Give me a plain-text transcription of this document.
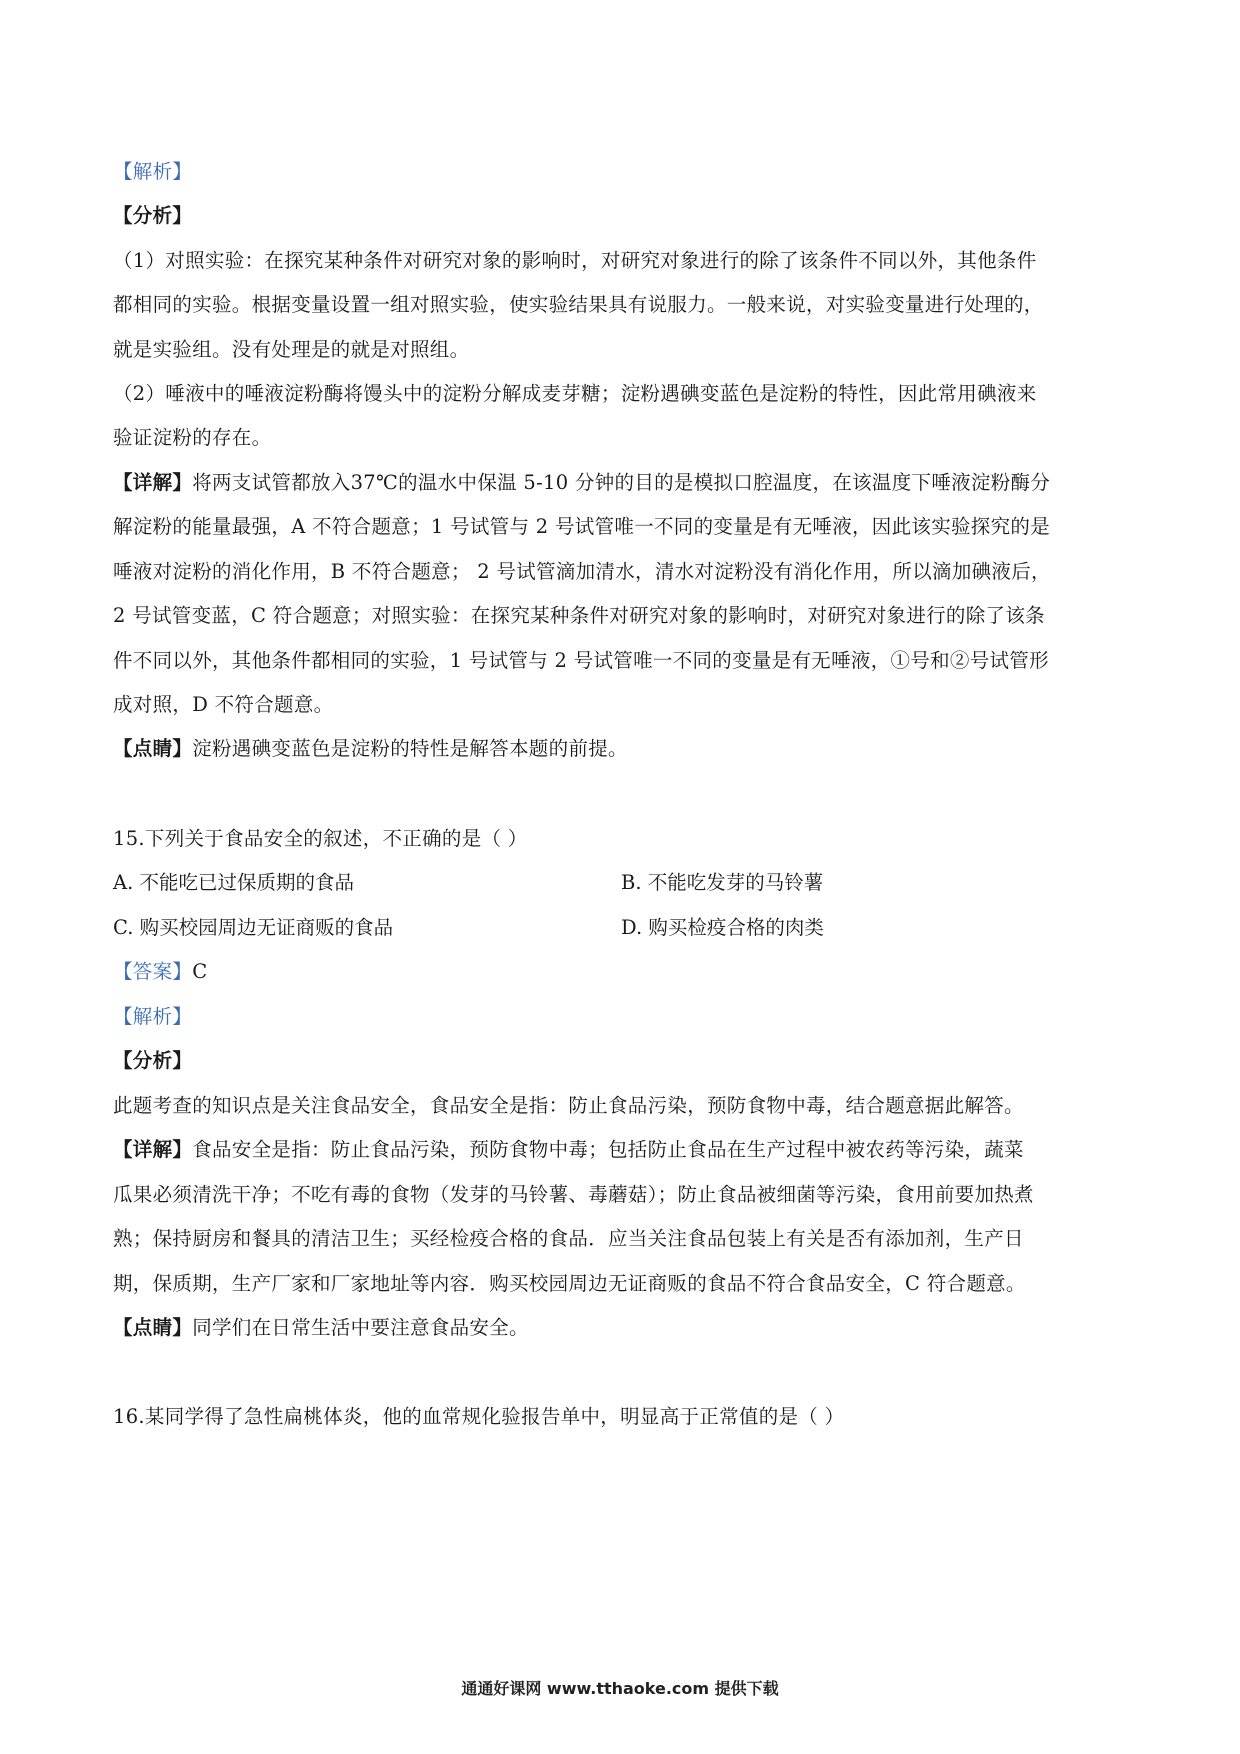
【解析】
【分析】
（1）对照实验：在探究某种条件对研究对象的影响时，对研究对象进行的除了该条件不同以外，其他条件
都相同的实验。根据变量设置一组对照实验，使实验结果具有说服力。一般来说，对实验变量进行处理的，
就是实验组。没有处理是的就是对照组。
（2）唾液中的唾液淀粉酶将馒头中的淀粉分解成麦芽糖；淀粉遇碘变蓝色是淀粉的特性，因此常用碘液来
验证淀粉的存在。
【详解】将两支试管都放入37℃的温水中保温 5-10 分钟的目的是模拟口腔温度，在该温度下唾液淀粉酶分
解淀粉的能量最强，A 不符合题意；1 号试管与 2 号试管唯一不同的变量是有无唾液，因此该实验探究的是
唾液对淀粉的消化作用，B 不符合题意； 2 号试管滴加清水，清水对淀粉没有消化作用，所以滴加碘液后，
2 号试管变蓝，C 符合题意；对照实验：在探究某种条件对研究对象的影响时，对研究对象进行的除了该条
件不同以外，其他条件都相同的实验，1 号试管与 2 号试管唯一不同的变量是有无唾液，①号和②号试管形
成对照，D 不符合题意。
【点睛】淀粉遇碘变蓝色是淀粉的特性是解答本题的前提。
15.下列关于食品安全的叙述，不正确的是（ ）
A. 不能吃已过保质期的食品	B. 不能吃发芽的马铃薯
C. 购买校园周边无证商贩的食品	D. 购买检疫合格的肉类
【答案】C
【解析】
【分析】
此题考查的知识点是关注食品安全，食品安全是指：防止食品污染，预防食物中毒，结合题意据此解答。
【详解】食品安全是指：防止食品污染，预防食物中毒；包括防止食品在生产过程中被农药等污染，蔬菜
瓜果必须清洗干净；不吃有毒的食物（发芽的马铃薯、毒蘑菇）；防止食品被细菌等污染，食用前要加热煮
熟；保持厨房和餐具的清洁卫生；买经检疫合格的食品．应当关注食品包装上有关是否有添加剂，生产日
期，保质期，生产厂家和厂家地址等内容．购买校园周边无证商贩的食品不符合食品安全，C 符合题意。
【点睛】同学们在日常生活中要注意食品安全。
16.某同学得了急性扁桃体炎，他的血常规化验报告单中，明显高于正常值的是（ ）
通通好课网 www.tthaoke.com 提供下载
